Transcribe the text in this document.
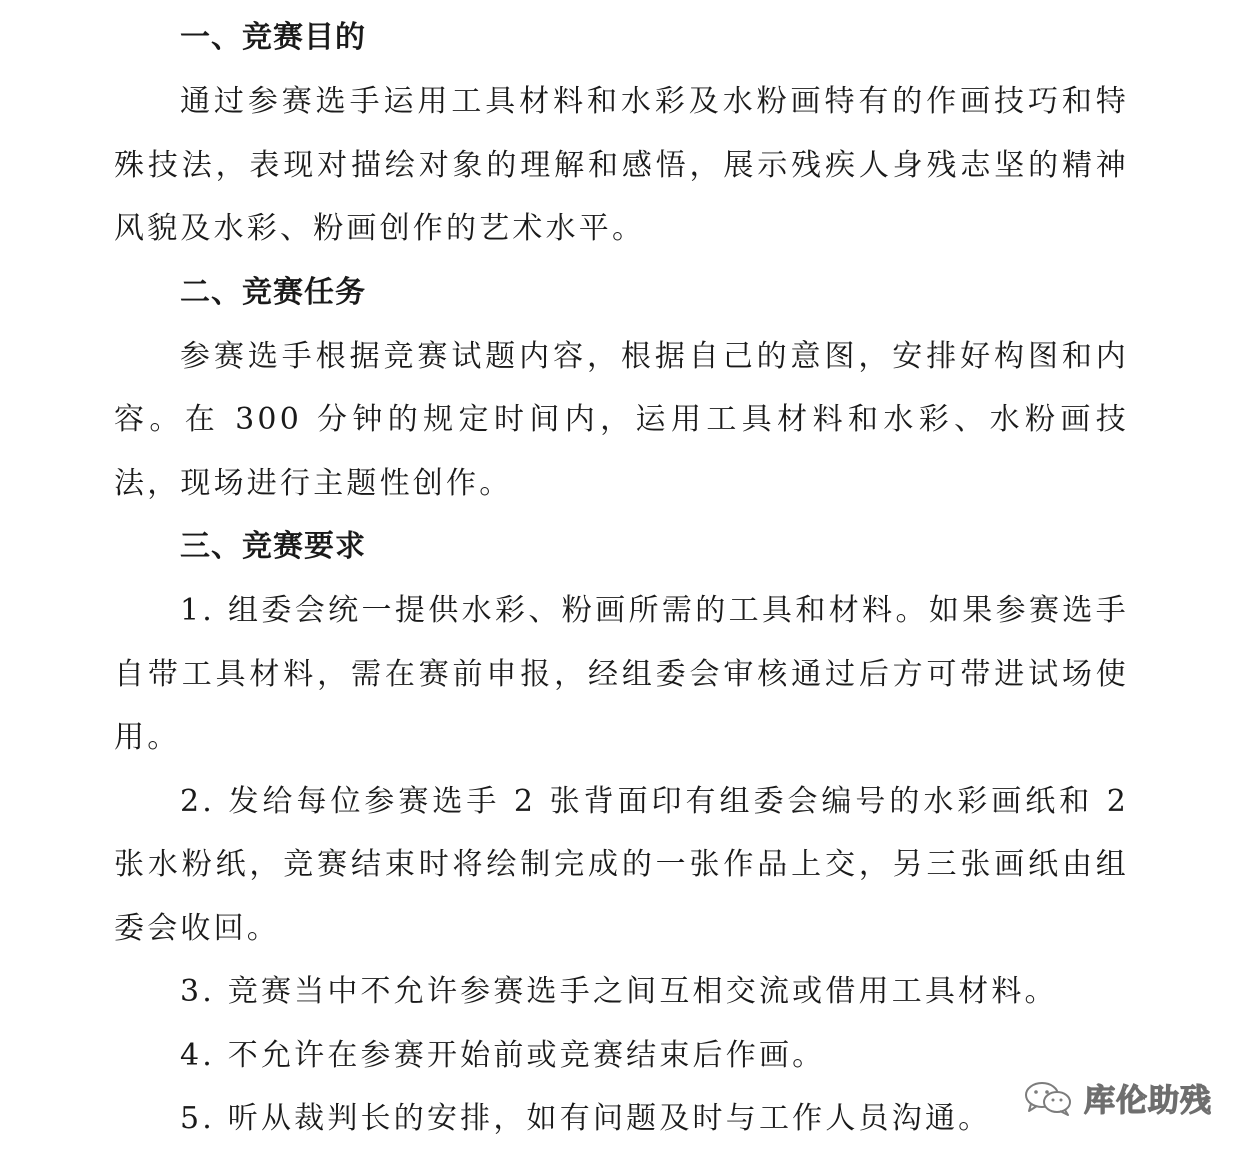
一、竞赛目的

通过参赛选手运用工具材料和水彩及水粉画特有的作画技巧和特殊技法，表现对描绘对象的理解和感悟，展示残疾人身残志坚的精神风貌及水彩、粉画创作的艺术水平。

二、竞赛任务

参赛选手根据竞赛试题内容，根据自己的意图，安排好构图和内容。在 300 分钟的规定时间内，运用工具材料和水彩、水粉画技法，现场进行主题性创作。

三、竞赛要求

1. 组委会统一提供水彩、粉画所需的工具和材料。如果参赛选手自带工具材料，需在赛前申报，经组委会审核通过后方可带进试场使用。

2. 发给每位参赛选手 2 张背面印有组委会编号的水彩画纸和 2 张水粉纸，竞赛结束时将绘制完成的一张作品上交，另三张画纸由组委会收回。

3. 竞赛当中不允许参赛选手之间互相交流或借用工具材料。

4. 不允许在参赛开始前或竞赛结束后作画。

5. 听从裁判长的安排，如有问题及时与工作人员沟通。	库伦助残
